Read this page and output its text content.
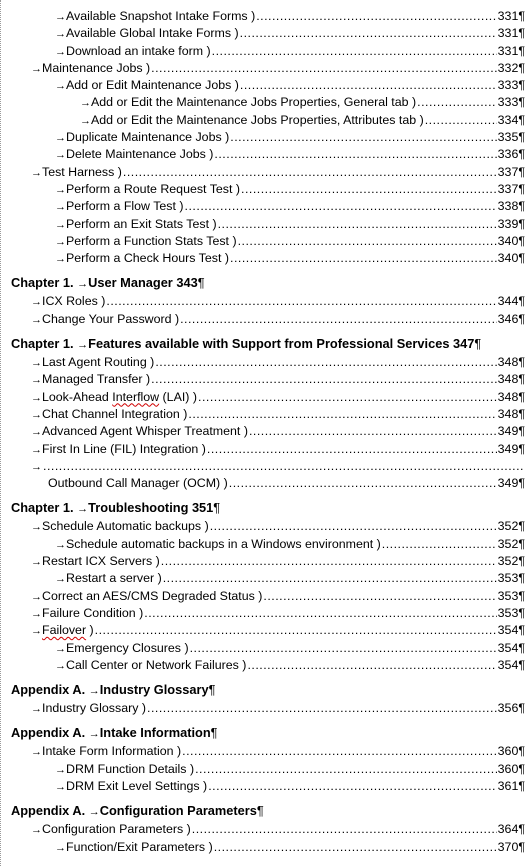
→Available Snapshot Intake Forms ) .....	331¶
→Available Global Intake Forms ) .....	331¶
→Download an intake form ) .....	331¶
→Maintenance Jobs ) .....	332¶
→Add or Edit Maintenance Jobs ) .....	333¶
→Add or Edit the Maintenance Jobs Properties, General tab ) .....	333¶
→Add or Edit the Maintenance Jobs Properties, Attributes tab ) .....	334¶
→Duplicate Maintenance Jobs ) .....	335¶
→Delete Maintenance Jobs ) .....	336¶
→Test Harness ) .....	337¶
→Perform a Route Request Test ) .....	337¶
→Perform a Flow Test ) .....	338¶
→Perform an Exit Stats Test ) .....	339¶
→Perform a Function Stats Test ) .....	340¶
→Perform a Check Hours Test ) .....	340¶
Chapter 1. →User Manager 343¶
→ICX Roles ) .....	344¶
→Change Your Password ) .....	346¶
Chapter 1. →Features available with Support from Professional Services 347¶
→Last Agent Routing ) .....	348¶
→Managed Transfer ) .....	348¶
→Look-Ahead Interflow (LAI) ) .....	348¶
→Chat Channel Integration ) .....	348¶
→Advanced Agent Whisper Treatment ) .....	349¶
→First In Line (FIL) Integration ) .....	349¶
→
.....
Outbound Call Manager (OCM) ) .....	349¶
Chapter 1. →Troubleshooting 351¶
→Schedule Automatic backups ) .....	352¶
→Schedule automatic backups in a Windows environment ) .....	352¶
→Restart ICX Servers ) .....	352¶
→Restart a server ) .....	353¶
→Correct an AES/CMS Degraded Status ) .....	353¶
→Failure Condition ) .....	353¶
→Failover ) .....	354¶
→Emergency Closures ) .....	354¶
→Call Center or Network Failures ) .....	354¶
Appendix A. →Industry Glossary¶
→Industry Glossary ) .....	356¶
Appendix A. →Intake Information¶
→Intake Form Information ) .....	360¶
→DRM Function Details ) .....	360¶
→DRM Exit Level Settings ) .....	361¶
Appendix A. →Configuration Parameters¶
→Configuration Parameters ) .....	364¶
→Function/Exit Parameters ) .....	370¶
